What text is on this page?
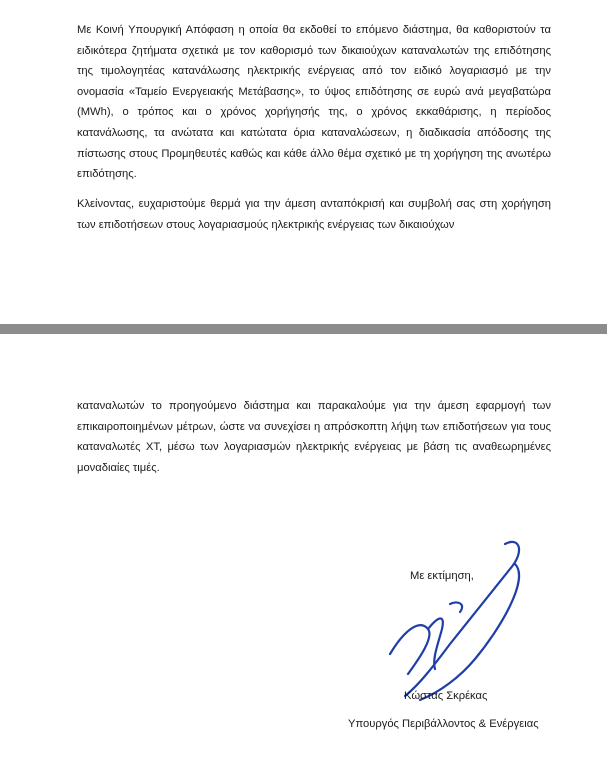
Με Κοινή Υπουργική Απόφαση η οποία θα εκδοθεί το επόμενο διάστημα, θα καθοριστούν τα ειδικότερα ζητήματα σχετικά με τον καθορισμό των δικαιούχων καταναλωτών της επιδότησης της τιμολογητέας κατανάλωσης ηλεκτρικής ενέργειας από τον ειδικό λογαριασμό με την ονομασία «Ταμείο Ενεργειακής Μετάβασης», το ύψος επιδότησης σε ευρώ ανά μεγαβατώρα (MWh), ο τρόπος και ο χρόνος χορήγησής της, ο χρόνος εκκαθάρισης, η περίοδος κατανάλωσης, τα ανώτατα και κατώτατα όρια καταναλώσεων, η διαδικασία απόδοσης της πίστωσης στους Προμηθευτές καθώς και κάθε άλλο θέμα σχετικό με τη χορήγηση της ανωτέρω επιδότησης.

Κλείνοντας, ευχαριστούμε θερμά για την άμεση ανταπόκρισή και συμβολή σας στη χορήγηση των επιδοτήσεων στους λογαριασμούς ηλεκτρικής ενέργειας των δικαιούχων

καταναλωτών το προηγούμενο διάστημα και παρακαλούμε για την άμεση εφαρμογή των επικαιροποιημένων μέτρων, ώστε να συνεχίσει η απρόσκοπτη λήψη των επιδοτήσεων για τους καταναλωτές ΧΤ, μέσω των λογαριασμών ηλεκτρικής ενέργειας με βάση τις αναθεωρημένες μοναδιαίες τιμές.

Με εκτίμηση,
Κώστας Σκρέκας
Υπουργός Περιβάλλοντος & Ενέργειας
